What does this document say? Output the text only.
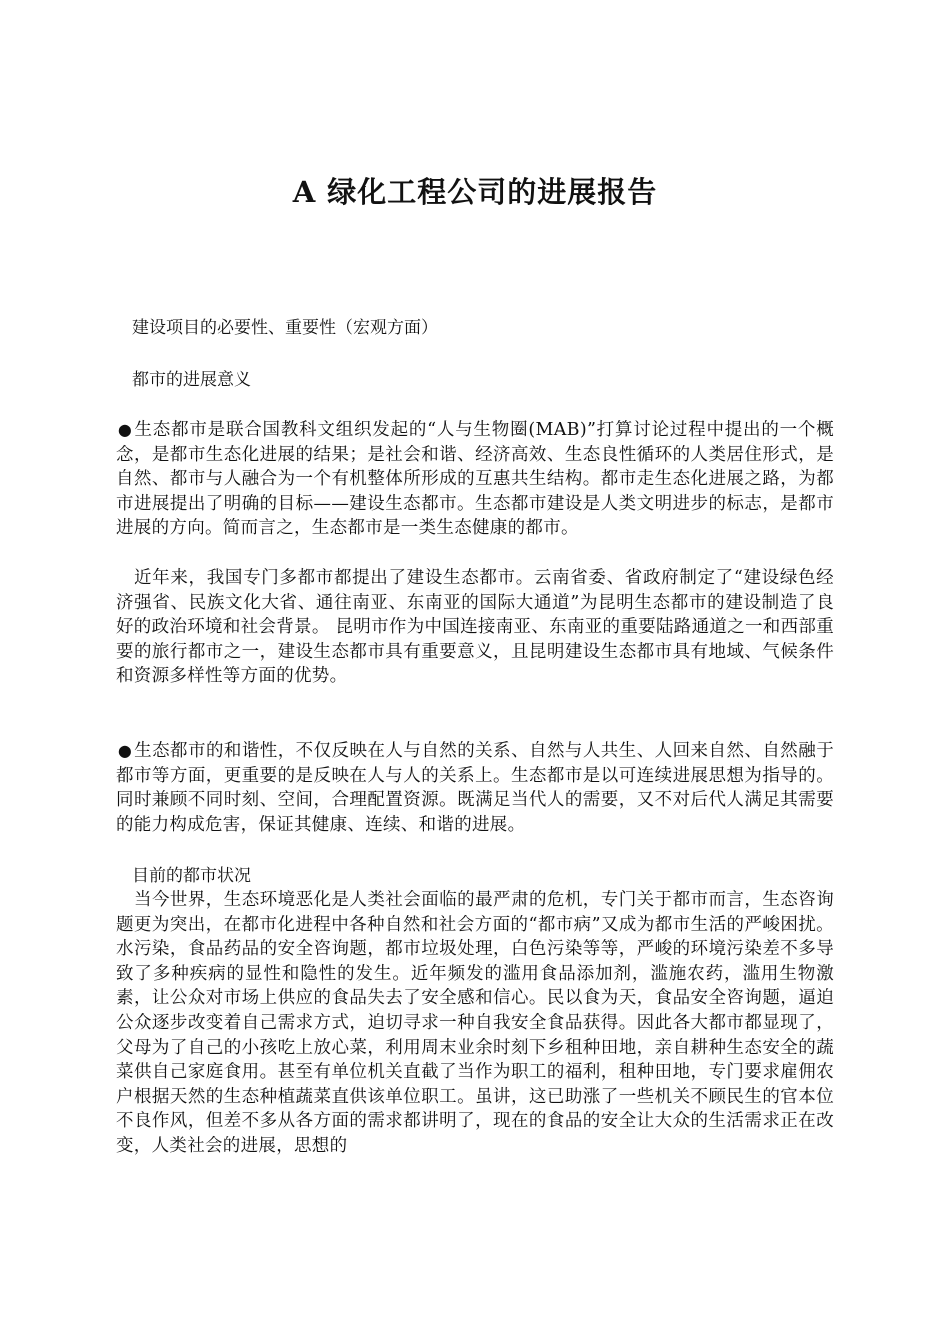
A 绿化工程公司的进展报告

建设项目的必要性、重要性（宏观方面）

都市的进展意义

● 生态都市是联合国教科文组织发起的“人与生物圈(MAB)”打算讨论过程中提出的一个概念，是都市生态化进展的结果；是社会和谐、经济高效、生态良性循环的人类居住形式，是自然、都市与人融合为一个有机整体所形成的互惠共生结构。都市走生态化进展之路，为都市进展提出了明确的目标——建设生态都市。生态都市建设是人类文明进步的标志，是都市进展的方向。简而言之，生态都市是一类生态健康的都市。

近年来，我国专门多都市都提出了建设生态都市。云南省委、省政府制定了“建设绿色经济强省、民族文化大省、通往南亚、东南亚的国际大通道”为昆明生态都市的建设制造了良好的政治环境和社会背景。 昆明市作为中国连接南亚、东南亚的重要陆路通道之一和西部重要的旅行都市之一，建设生态都市具有重要意义，且昆明建设生态都市具有地域、气候条件和资源多样性等方面的优势。

● 生态都市的和谐性，不仅反映在人与自然的关系、自然与人共生、人回来自然、自然融于都市等方面，更重要的是反映在人与人的关系上。生态都市是以可连续进展思想为指导的。同时兼顾不同时刻、空间，合理配置资源。既满足当代人的需要，又不对后代人满足其需要的能力构成危害，保证其健康、连续、和谐的进展。

目前的都市状况

当今世界，生态环境恶化是人类社会面临的最严肃的危机，专门关于都市而言，生态咨询题更为突出，在都市化进程中各种自然和社会方面的“都市病”又成为都市生活的严峻困扰。水污染，食品药品的安全咨询题，都市垃圾处理，白色污染等等，严峻的环境污染差不多导致了多种疾病的显性和隐性的发生。近年频发的滥用食品添加剂，滥施农药，滥用生物激素，让公众对市场上供应的食品失去了安全感和信心。民以食为天，食品安全咨询题，逼迫公众逐步改变着自己需求方式，迫切寻求一种自我安全食品获得。因此各大都市都显现了，父母为了自己的小孩吃上放心菜，利用周末业余时刻下乡租种田地，亲自耕种生态安全的蔬菜供自己家庭食用。甚至有单位机关直截了当作为职工的福利，租种田地，专门要求雇佣农户根据天然的生态种植蔬菜直供该单位职工。虽讲，这已助涨了一些机关不顾民生的官本位不良作风，但差不多从各方面的需求都讲明了，现在的食品的安全让大众的生活需求正在改变，人类社会的进展，思想的
